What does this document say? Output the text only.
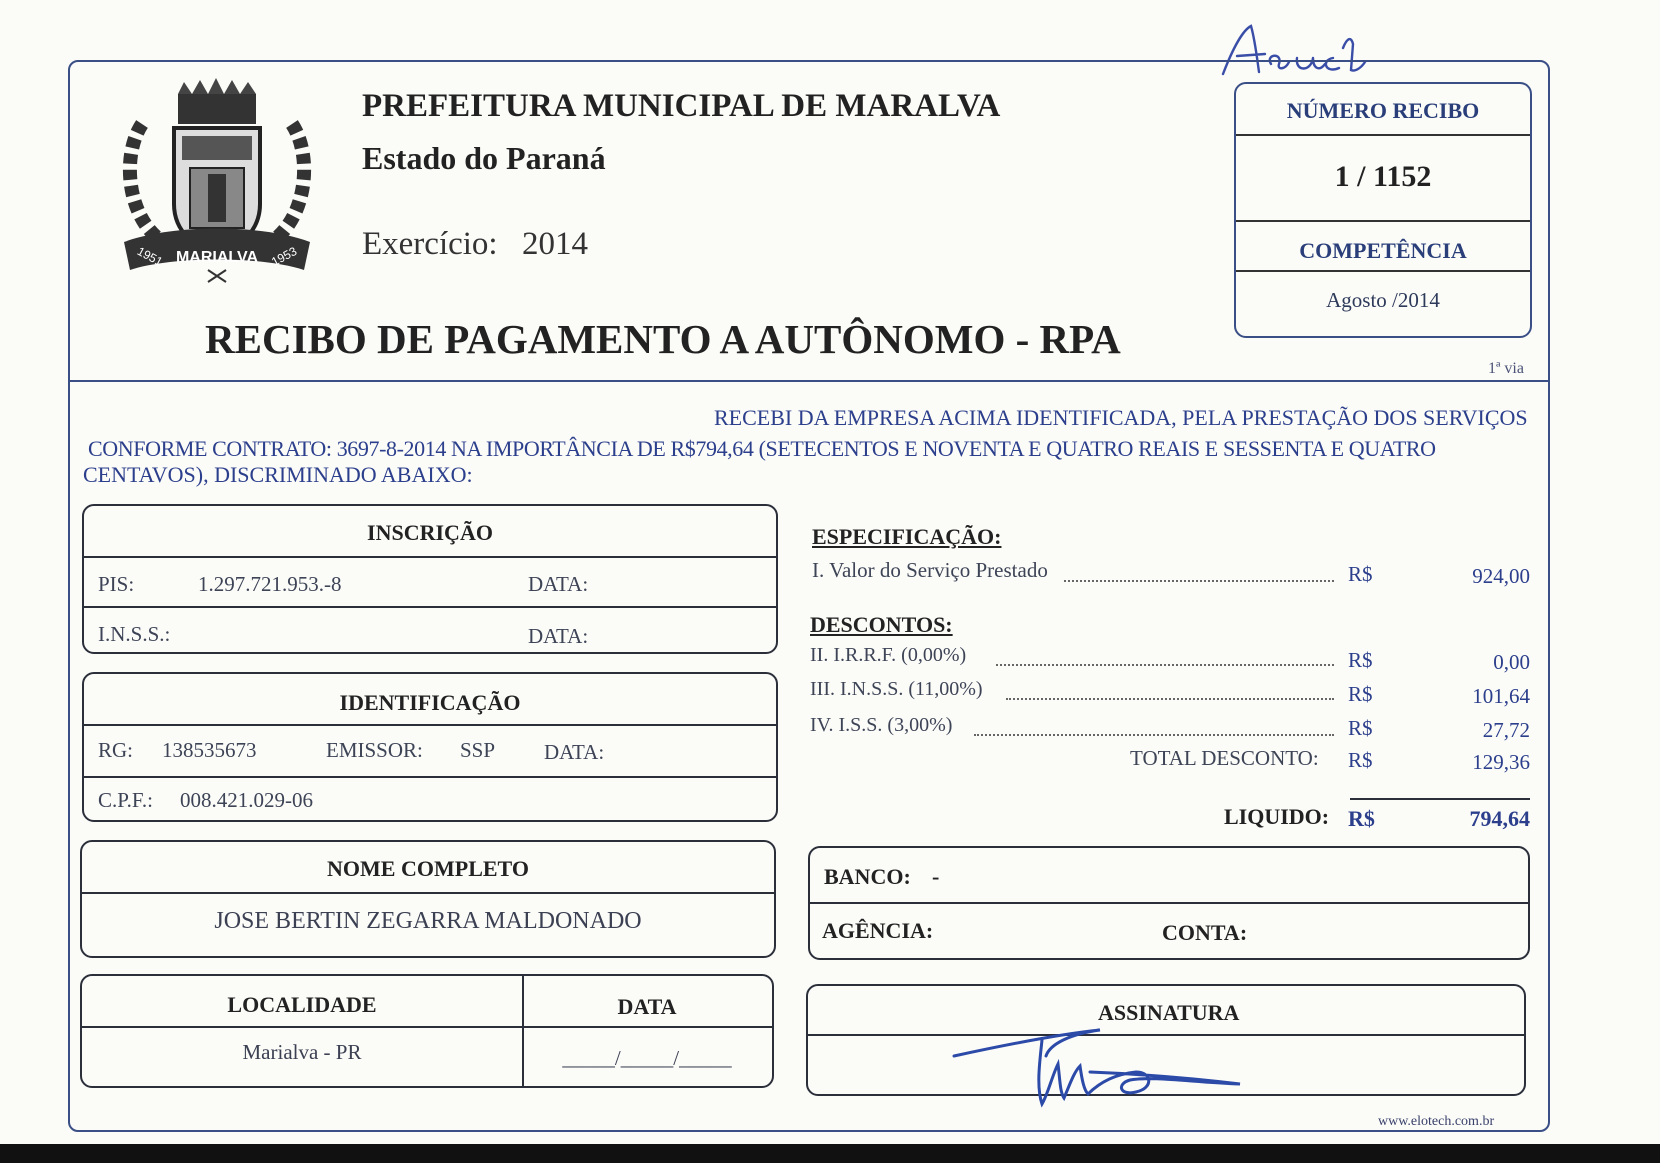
MARIALVA
1951	1953
PREFEITURA MUNICIPAL DE MARALVA
Estado do Paraná
Exercício: 2014
RECIBO DE PAGAMENTO A AUTÔNOMO - RPA
NÚMERO RECIBO
1 / 1152
COMPETÊNCIA
Agosto /2014
1ª via
RECEBI DA EMPRESA ACIMA IDENTIFICADA, PELA PRESTAÇÃO DOS SERVIÇOS
CONFORME CONTRATO: 3697-8-2014 NA IMPORTÂNCIA DE R$794,64 (SETECENTOS E NOVENTA E QUATRO REAIS E SESSENTA E QUATRO
CENTAVOS), DISCRIMINADO ABAIXO:
INSCRIÇÃO
PIS:	1.297.721.953.-8	DATA:
I.N.S.S.:	DATA:
IDENTIFICAÇÃO
RG: 138535673	EMISSOR: SSP DATA:
C.P.F.: 008.421.029-06
NOME COMPLETO
JOSE BERTIN ZEGARRA MALDONADO
LOCALIDADE	DATA
Marialva - PR	_____/_____/_____
ESPECIFICAÇÃO:
I. Valor do Serviço Prestado	R$	924,00
DESCONTOS:
II. I.R.R.F. (0,00%)	R$	0,00
III. I.N.S.S. (11,00%)	R$	101,64
IV. I.S.S. (3,00%)	R$	27,72
TOTAL DESCONTO: R$	129,36
LIQUIDO: R$	794,64
BANCO: -
AGÊNCIA:	CONTA:
ASSINATURA
www.elotech.com.br
